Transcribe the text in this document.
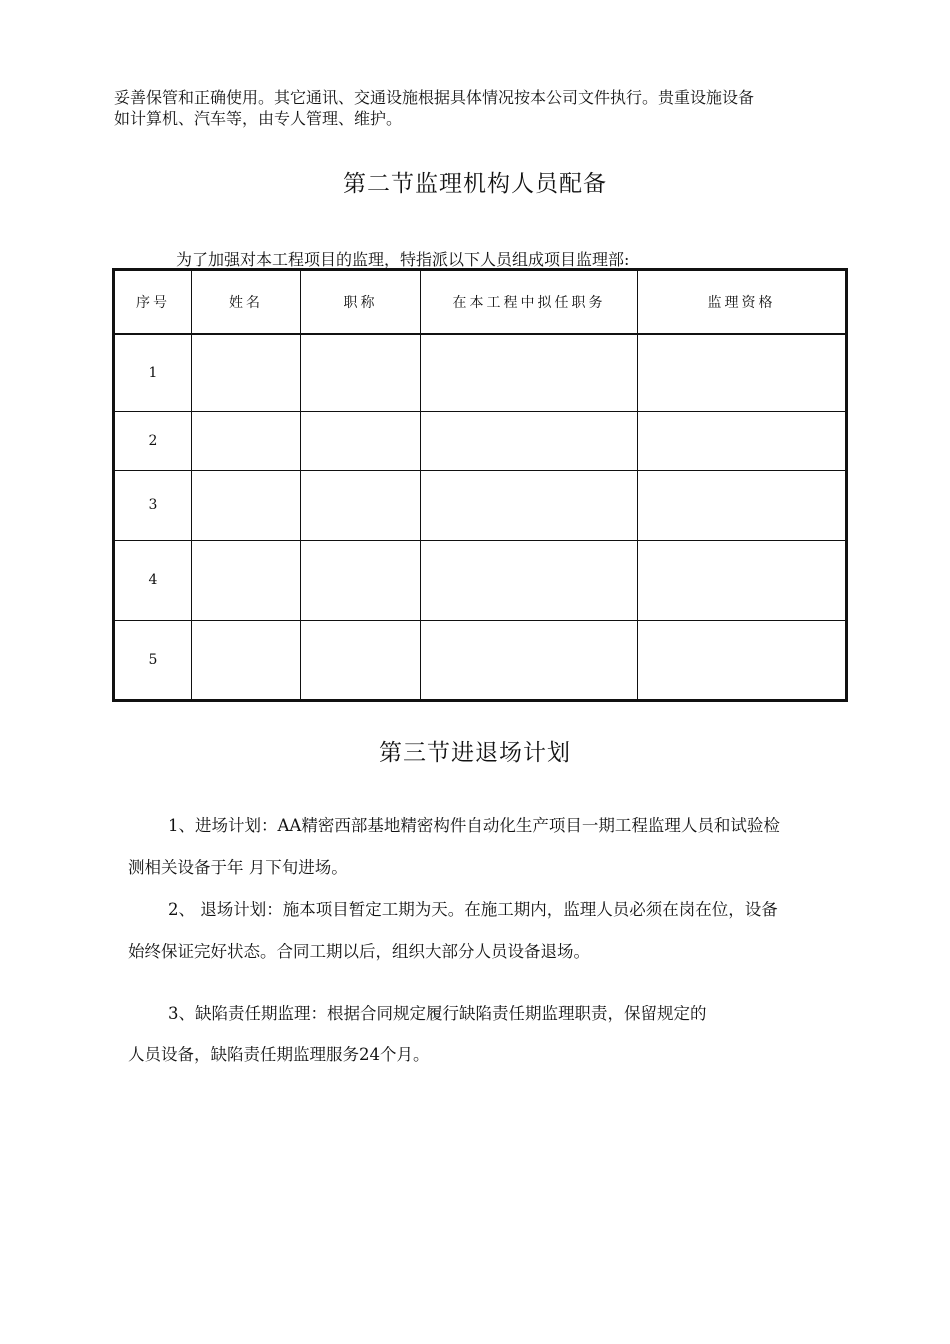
妥善保管和正确使用。其它通讯、交通设施根据具体情况按本公司文件执行。贵重设施设备
如计算机、汽车等，由专人管理、维护。
第二节监理机构人员配备
为了加强对本工程项目的监理，特指派以下人员组成项目监理部:
序号	姓名	职称	在本工程中拟任职务	监理资格
1				
2				
3				
4				
5				
第三节进退场计划
1、进场计划：AA精密西部基地精密构件自动化生产项目一期工程监理人员和试验检
测相关设备于年 月下旬进场。
2、 退场计划：施本项目暂定工期为天。在施工期内，监理人员必须在岗在位，设备
始终保证完好状态。合同工期以后，组织大部分人员设备退场。
3、缺陷责任期监理：根据合同规定履行缺陷责任期监理职责，保留规定的
人员设备，缺陷责任期监理服务24个月。
